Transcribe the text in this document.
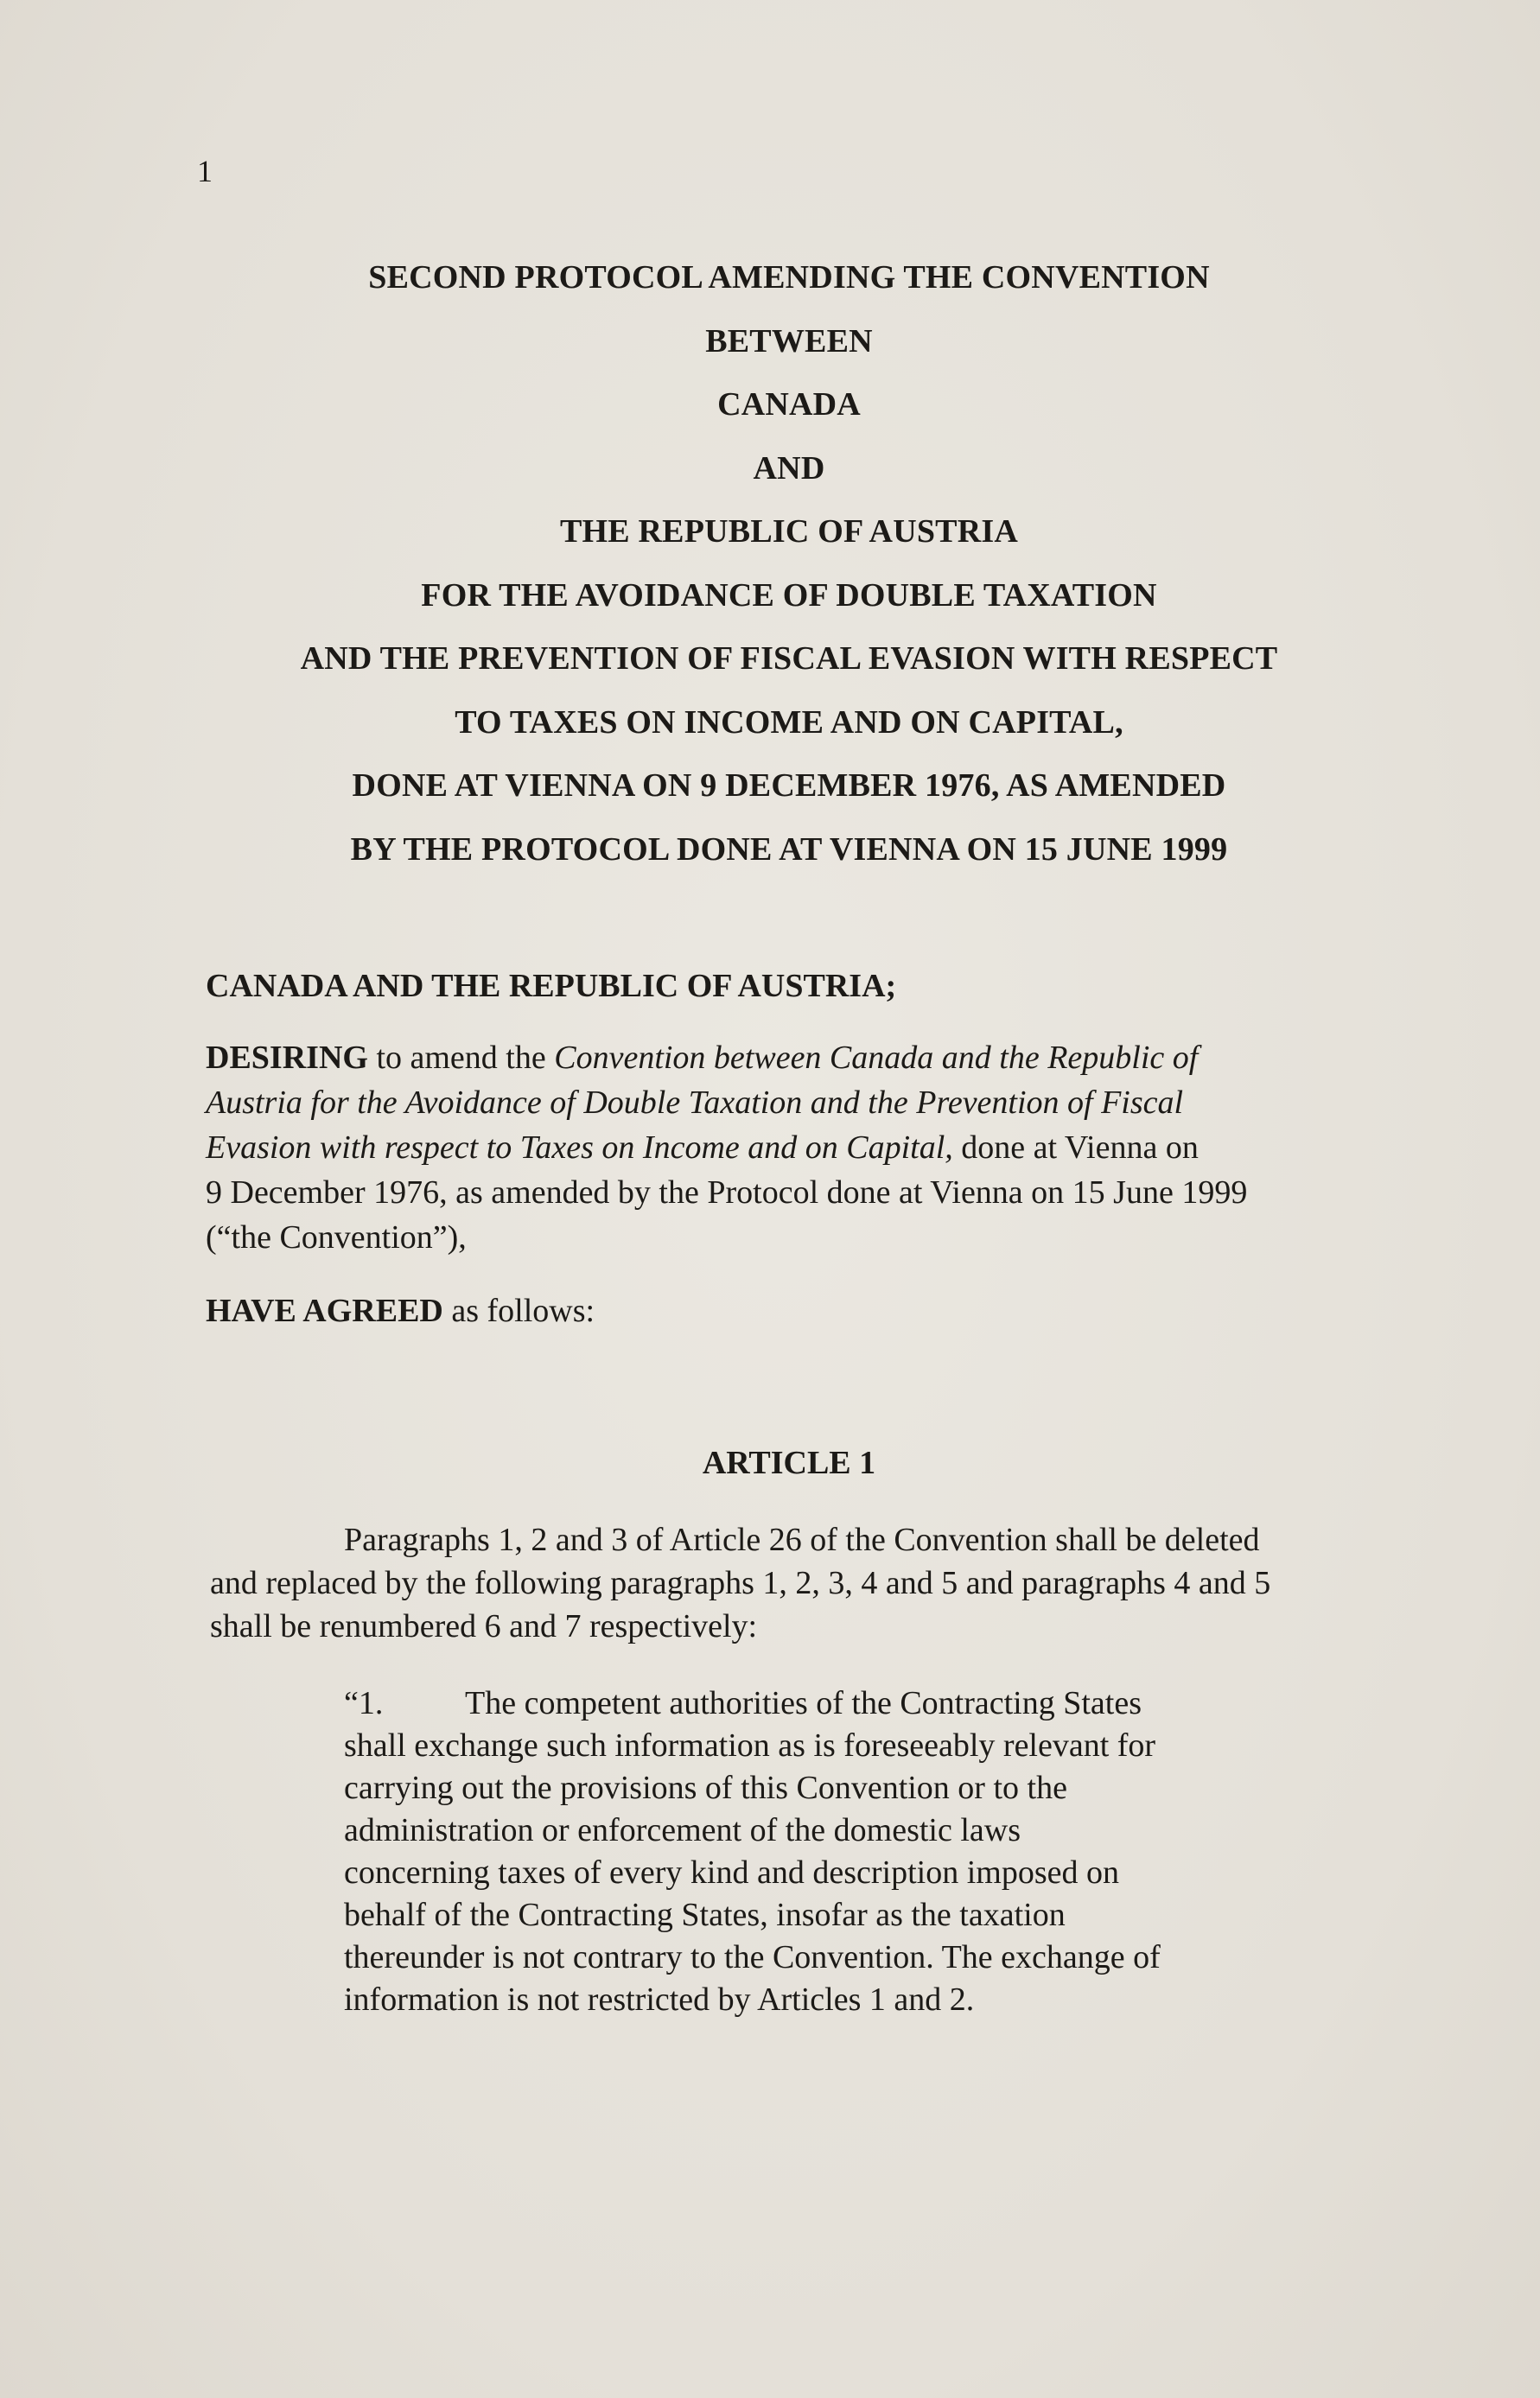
1
SECOND PROTOCOL AMENDING THE CONVENTION
BETWEEN
CANADA
AND
THE REPUBLIC OF AUSTRIA
FOR THE AVOIDANCE OF DOUBLE TAXATION
AND THE PREVENTION OF FISCAL EVASION WITH RESPECT
TO TAXES ON INCOME AND ON CAPITAL,
DONE AT VIENNA ON 9 DECEMBER 1976, AS AMENDED
BY THE PROTOCOL DONE AT VIENNA ON 15 JUNE 1999
CANADA AND THE REPUBLIC OF AUSTRIA;
DESIRING to amend the Convention between Canada and the Republic of
Austria for the Avoidance of Double Taxation and the Prevention of Fiscal
Evasion with respect to Taxes on Income and on Capital, done at Vienna on
9 December 1976, as amended by the Protocol done at Vienna on 15 June 1999
(“the Convention”),
HAVE AGREED as follows:
ARTICLE 1
Paragraphs 1, 2 and 3 of Article 26 of the Convention shall be deleted
and replaced by the following paragraphs 1, 2, 3, 4 and 5 and paragraphs 4 and 5
shall be renumbered 6 and 7 respectively:
“1. The competent authorities of the Contracting States
shall exchange such information as is foreseeably relevant for
carrying out the provisions of this Convention or to the
administration or enforcement of the domestic laws
concerning taxes of every kind and description imposed on
behalf of the Contracting States, insofar as the taxation
thereunder is not contrary to the Convention. The exchange of
information is not restricted by Articles 1 and 2.
